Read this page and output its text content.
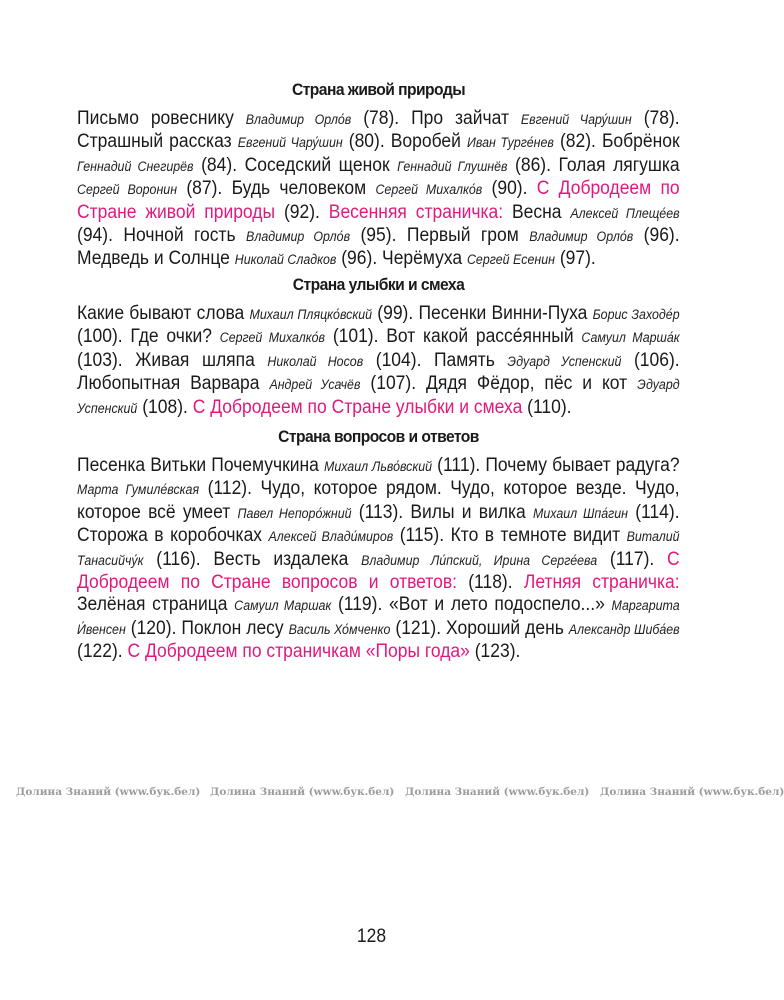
Страна живой природы
Письмо ровеснику Владимир Орло́в (78). Про зайчат Евгений Чару́шин (78). Страшный рассказ Евгений Чару́шин (80). Воробей Иван Турге́нев (82). Бобрёнок Геннадий Снегирёв (84). Соседский щенок Геннадий Глушнёв (86). Голая лягушка Сергей Воронин (87). Будь человеком Сергей Михалко́в (90). С Добродеем по Стране живой природы (92). Весенняя страничка: Весна Алексей Плеще́ев (94). Ночной гость Владимир Орло́в (95). Первый гром Владимир Орло́в (96). Медведь и Солнце Николай Сладков (96). Черёмуха Сергей Есенин (97).
Страна улыбки и смеха
Какие бывают слова Михаил Пляцко́вский (99). Песенки Винни-Пуха Борис Заходе́р (100). Где очки? Сергей Михалко́в (101). Вот какой рассе́янный Самуил Марша́к (103). Живая шляпа Николай Носов (104). Память Эдуард Успенский (106). Любопытная Варвара Андрей Усачёв (107). Дядя Фёдор, пёс и кот Эдуард Успенский (108). С Добродеем по Стране улыбки и смеха (110).
Страна вопросов и ответов
Песенка Витьки Почемучкина Михаил Льво́вский (111). Почему бывает радуга? Марта Гумиле́вская (112). Чудо, которое рядом. Чудо, которое везде. Чудо, которое всё умеет Павел Непоро́жний (113). Вилы и вилка Михаил Шпа́гин (114). Сторожа в коробочках Алексей Влади́миров (115). Кто в темноте видит Виталий Танасийчу́к (116). Весть издалека Владимир Ли́пский, Ирина Серге́ева (117). С Добродеем по Стране вопросов и ответов: (118). Летняя страничка: Зелёная страница Самуил Маршак (119). «Вот и лето подоспело...» Маргарита И́венсен (120). Поклон лесу Василь Хо́мченко (121). Хороший день Александр Шиба́ев (122). С Добродеем по страничкам «Поры года» (123).
Долина Знаний (www.бук.бел) Долина Знаний (www.бук.бел) Долина Знаний (www.бук.бел) Долина Знаний (www.бук.бел)
128
